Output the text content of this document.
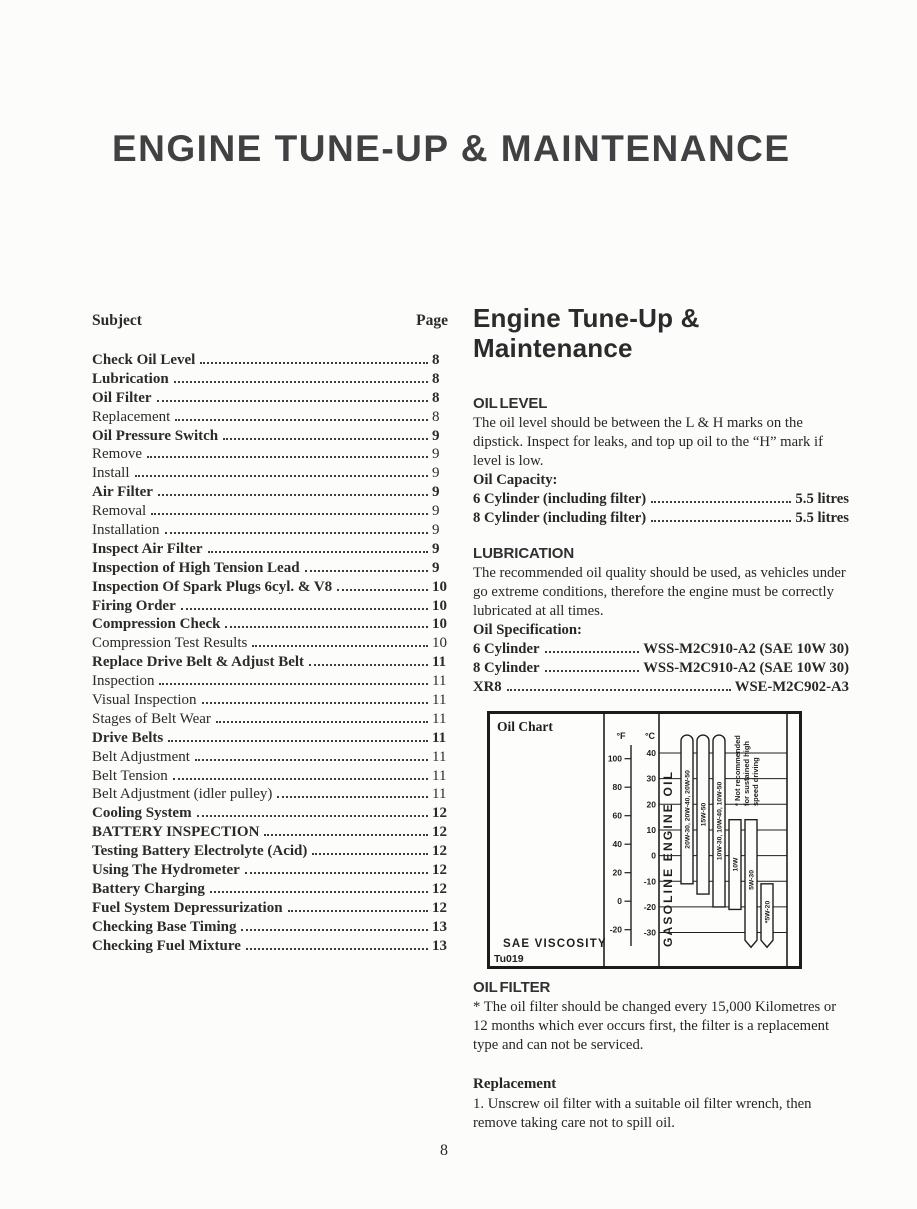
ENGINE TUNE-UP & MAINTENANCE
Subject	Page
Check Oil Level	8
Lubrication	8
Oil Filter	8
Replacement	8
Oil Pressure Switch	9
Remove	9
Install	9
Air Filter	9
Removal	9
Installation	9
Inspect Air Filter	9
Inspection of High Tension Lead	9
Inspection Of Spark Plugs 6cyl. & V8	10
Firing Order	10
Compression Check	10
Compression Test Results	10
Replace Drive Belt & Adjust Belt	11
Inspection	11
Visual Inspection	11
Stages of Belt Wear	11
Drive Belts	11
Belt Adjustment	11
Belt Tension	11
Belt Adjustment (idler pulley)	11
Cooling System	12
BATTERY INSPECTION	12
Testing Battery Electrolyte (Acid)	12
Using The Hydrometer	12
Battery Charging	12
Fuel System Depressurization	12
Checking Base Timing	13
Checking Fuel Mixture	13
Engine Tune-Up &
Maintenance
OIL LEVEL

The oil level should be between the L & H marks on the dipstick. Inspect for leaks, and top up oil to the “H” mark if level is low.

Oil Capacity:
6 Cylinder (including filter)	5.5 litres
8 Cylinder (including filter)	5.5 litres
LUBRICATION

The recommended oil quality should be used, as vehicles under go extreme conditions, therefore the engine must be correctly lubricated at all times.

Oil Specification:
6 Cylinder	WSS-M2C910-A2 (SAE 10W 30)
8 Cylinder	WSS-M2C910-A2 (SAE 10W 30)
XR8	WSE-M2C902-A3
Oil Chart
SAE VISCOSITY
Tu019
°F °C
100
80
60
40
20
0
-20
40
30
20
10
0
-10
-20
-30 GASOLINE ENGINE OIL	* Not recommendedfor sustained highspeed driving
20W-30, 20W-40, 20W-50 15W-50 10W-30, 10W-40, 10W-50
10W
5W-30
*5W-20
OIL FILTER

* The oil filter should be changed every 15,000 Kilometres or 12 months which ever occurs first, the filter is a replacement type and can not be serviced.

Replacement

1. Unscrew oil filter with a suitable oil filter wrench, then remove taking care not to spill oil.

8
